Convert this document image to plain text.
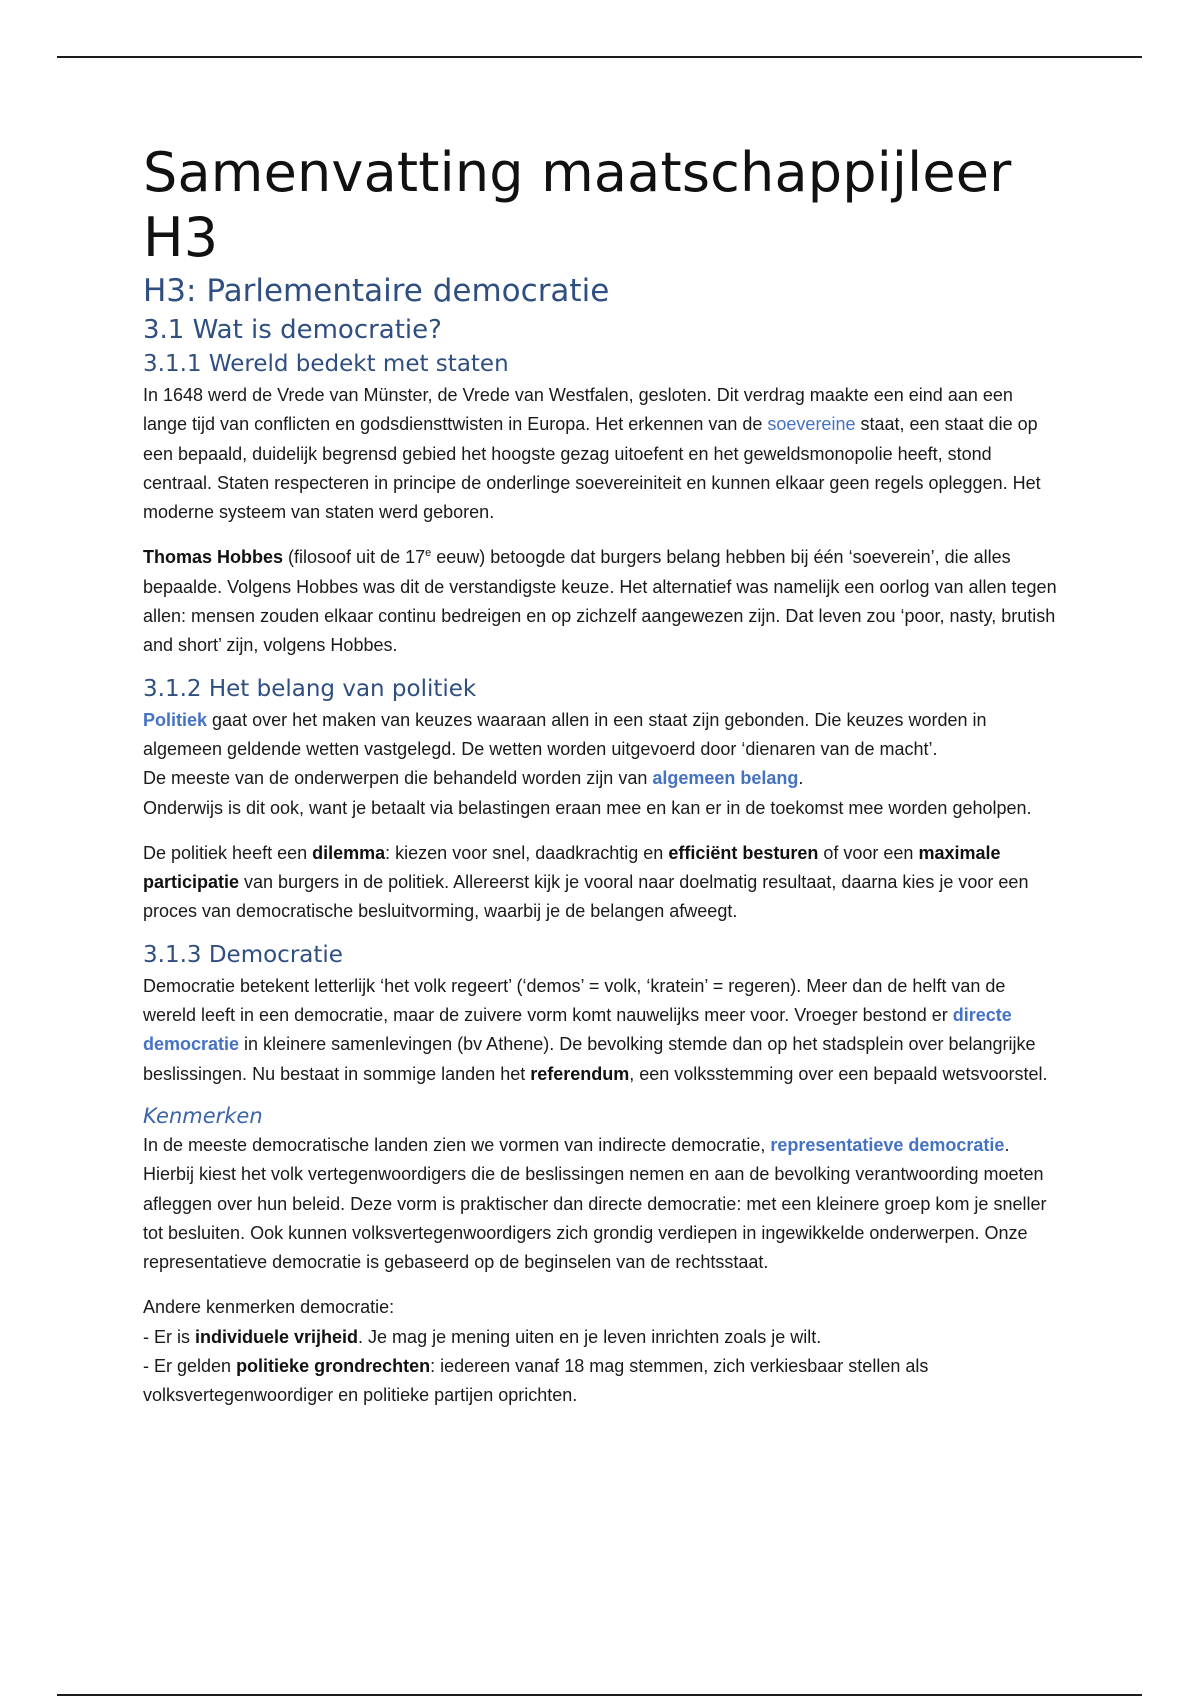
Samenvatting maatschappijleer H3
H3: Parlementaire democratie
3.1 Wat is democratie?
3.1.1 Wereld bedekt met staten

In 1648 werd de Vrede van Münster, de Vrede van Westfalen, gesloten. Dit verdrag maakte een eind aan een lange tijd van conflicten en godsdiensttwisten in Europa. Het erkennen van de soevereine staat, een staat die op een bepaald, duidelijk begrensd gebied het hoogste gezag uitoefent en het geweldsmonopolie heeft, stond centraal. Staten respecteren in principe de onderlinge soevereiniteit en kunnen elkaar geen regels opleggen. Het moderne systeem van staten werd geboren.

Thomas Hobbes (filosoof uit de 17e eeuw) betoogde dat burgers belang hebben bij één ‘soeverein’, die alles bepaalde. Volgens Hobbes was dit de verstandigste keuze. Het alternatief was namelijk een oorlog van allen tegen allen: mensen zouden elkaar continu bedreigen en op zichzelf aangewezen zijn. Dat leven zou ‘poor, nasty, brutish and short’ zijn, volgens Hobbes.

3.1.2 Het belang van politiek

Politiek gaat over het maken van keuzes waaraan allen in een staat zijn gebonden. Die keuzes worden in algemeen geldende wetten vastgelegd. De wetten worden uitgevoerd door ‘dienaren van de macht’.

De meeste van de onderwerpen die behandeld worden zijn van algemeen belang.

Onderwijs is dit ook, want je betaalt via belastingen eraan mee en kan er in de toekomst mee worden geholpen.

De politiek heeft een dilemma: kiezen voor snel, daadkrachtig en efficiënt besturen of voor een maximale participatie van burgers in de politiek. Allereerst kijk je vooral naar doelmatig resultaat, daarna kies je voor een proces van democratische besluitvorming, waarbij je de belangen afweegt.

3.1.3 Democratie

Democratie betekent letterlijk ‘het volk regeert’ (‘demos’ = volk, ‘kratein’ = regeren). Meer dan de helft van de wereld leeft in een democratie, maar de zuivere vorm komt nauwelijks meer voor. Vroeger bestond er directe democratie in kleinere samenlevingen (bv Athene). De bevolking stemde dan op het stadsplein over belangrijke beslissingen. Nu bestaat in sommige landen het referendum, een volksstemming over een bepaald wetsvoorstel.

Kenmerken

In de meeste democratische landen zien we vormen van indirecte democratie, representatieve democratie. Hierbij kiest het volk vertegenwoordigers die de beslissingen nemen en aan de bevolking verantwoording moeten afleggen over hun beleid. Deze vorm is praktischer dan directe democratie: met een kleinere groep kom je sneller tot besluiten. Ook kunnen volksvertegenwoordigers zich grondig verdiepen in ingewikkelde onderwerpen. Onze representatieve democratie is gebaseerd op de beginselen van de rechtsstaat.

Andere kenmerken democratie:

- Er is individuele vrijheid. Je mag je mening uiten en je leven inrichten zoals je wilt.

- Er gelden politieke grondrechten: iedereen vanaf 18 mag stemmen, zich verkiesbaar stellen als volksvertegenwoordiger en politieke partijen oprichten.
